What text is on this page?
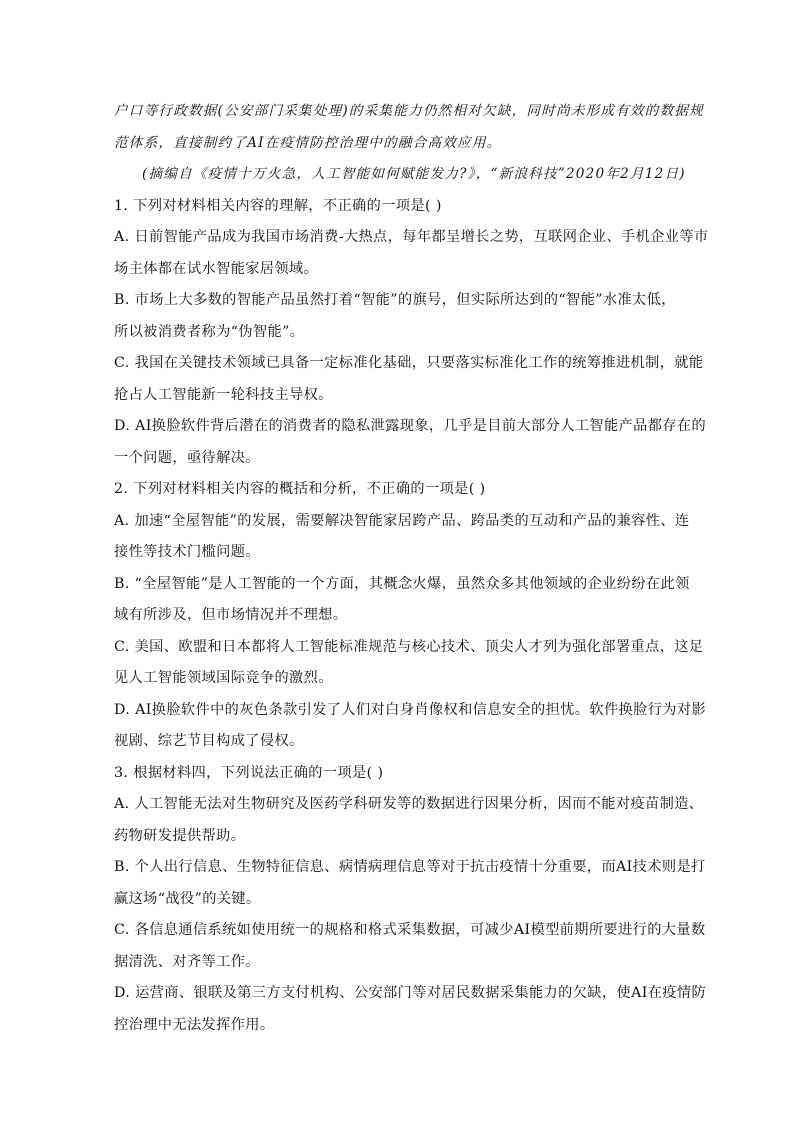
户口等行政数据(公安部门采集处理)的采集能力仍然相对欠缺，同时尚未形成有效的数据规
范体系，直接制约了AI在疫情防控治理中的融合高效应用。
(摘编自《疫情十万火急，人工智能如何赋能发力?》，“新浪科技”2020年2月12日)
1. 下列对材料相关内容的理解，不正确的一项是( )
A. 日前智能产品成为我国市场消费-大热点，每年都呈增长之势，互联网企业、手机企业等市
场主体都在试水智能家居领域。
B. 市场上大多数的智能产品虽然打着“智能”的旗号，但实际所达到的“智能”水准太低，
所以被消费者称为“伪智能”。
C. 我国在关键技术领域已具备一定标准化基础，只要落实标准化工作的统筹推进机制，就能
抢占人工智能新一轮科技主导权。
D. AI换脸软件背后潜在的消费者的隐私泄露现象，几乎是目前大部分人工智能产品都存在的
一个问题，亟待解决。
2. 下列对材料相关内容的概括和分析，不正确的一项是( )
A. 加速“全屋智能”的发展，需要解决智能家居跨产品、跨品类的互动和产品的兼容性、连
接性等技术门槛问题。
B. “全屋智能”是人工智能的一个方面，其概念火爆，虽然众多其他领域的企业纷纷在此领
域有所涉及，但市场情况并不理想。
C. 美国、欧盟和日本都将人工智能标准规范与核心技术、顶尖人才列为强化部署重点，这足
见人工智能领域国际竞争的激烈。
D. AI换脸软件中的灰色条款引发了人们对白身肖像权和信息安全的担忧。软件换脸行为对影
视剧、综艺节目构成了侵权。
3. 根据材料四，下列说法正确的一项是( )
A. 人工智能无法对生物研究及医药学科研发等的数据进行因果分析，因而不能对疫苗制造、
药物研发提供帮助。
B. 个人出行信息、生物特征信息、病情病理信息等对于抗击疫情十分重要，而AI技术则是打
赢这场“战役”的关键。
C. 各信息通信系统如使用统一的规格和格式采集数据，可减少AI模型前期所要进行的大量数
据清洗、对齐等工作。
D. 运营商、银联及第三方支付机构、公安部门等对居民数据采集能力的欠缺，使AI在疫情防
控治理中无法发挥作用。
